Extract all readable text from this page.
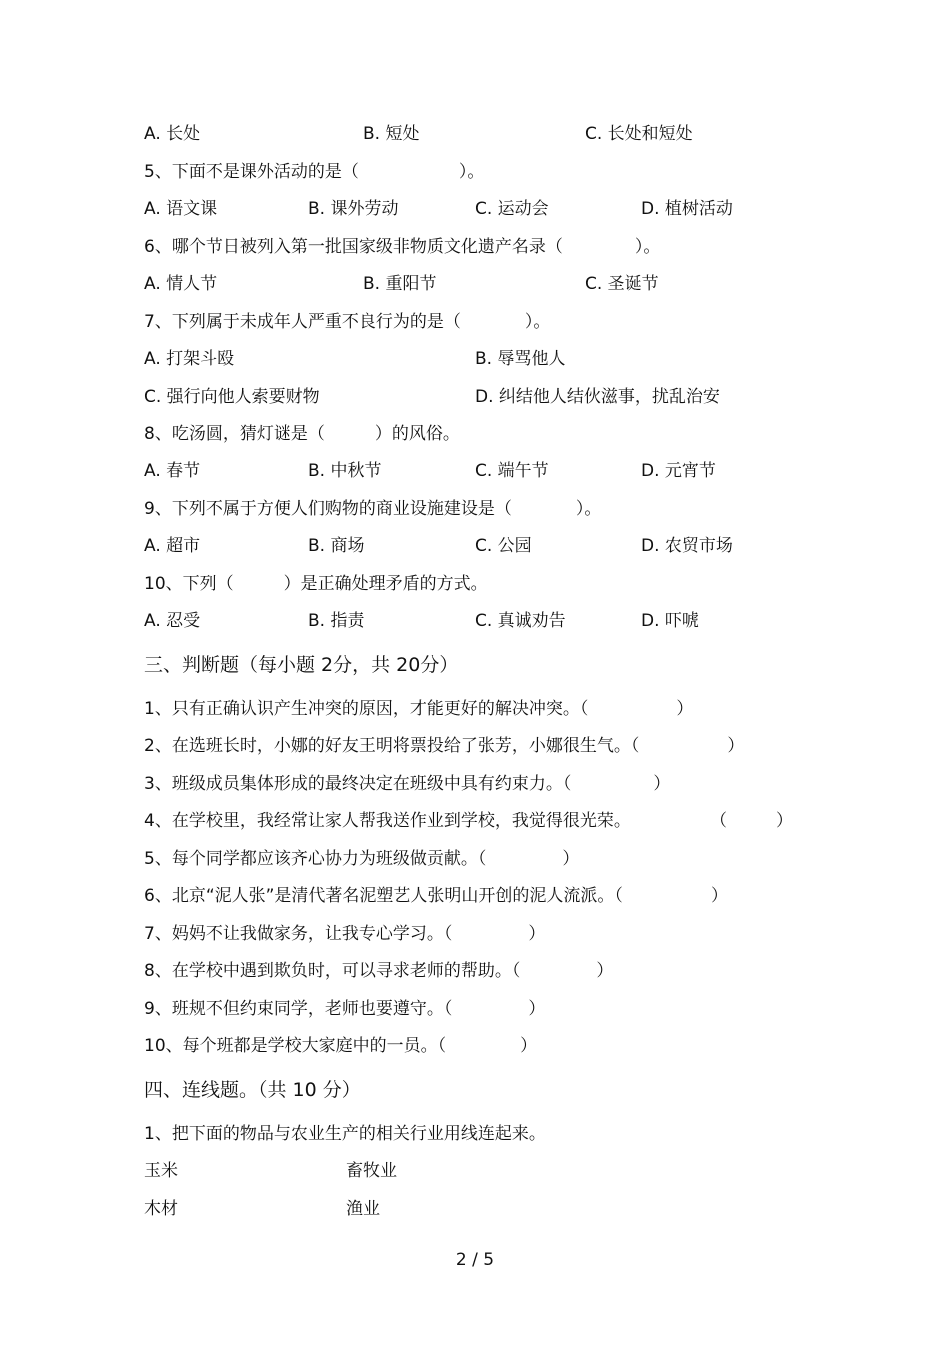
A. 长处	B. 短处	C. 长处和短处
5、下面不是课外活动的是（	）。
A. 语文课	B. 课外劳动	C. 运动会	D. 植树活动
6、哪个节日被列入第一批国家级非物质文化遗产名录（	）。
A. 情人节	B. 重阳节	C. 圣诞节
7、下列属于未成年人严重不良行为的是（	）。
A. 打架斗殴	B. 辱骂他人
C. 强行向他人索要财物	D. 纠结他人结伙滋事，扰乱治安
8、吃汤圆，猜灯谜是（	）的风俗。
A. 春节	B. 中秋节	C. 端午节	D. 元宵节
9、下列不属于方便人们购物的商业设施建设是（	）。
A. 超市	B. 商场	C. 公园	D. 农贸市场
10、下列（	）是正确处理矛盾的方式。
A. 忍受	B. 指责	C. 真诚劝告	D. 吓唬
三、判断题（每小题 2分，共 20分）
1、只有正确认识产生冲突的原因，才能更好的解决冲突。（	）
2、在选班长时，小娜的好友王明将票投给了张芳，小娜很生气。（	）
3、班级成员集体形成的最终决定在班级中具有约束力。（	）
4、在学校里，我经常让家人帮我送作业到学校，我觉得很光荣。	（	）
5、每个同学都应该齐心协力为班级做贡献。（	）
6、北京“泥人张”是清代著名泥塑艺人张明山开创的泥人流派。（	）
7、妈妈不让我做家务，让我专心学习。（	）
8、在学校中遇到欺负时，可以寻求老师的帮助。（	）
9、班规不但约束同学，老师也要遵守。（	）
10、每个班都是学校大家庭中的一员。（	）
四、连线题。（共 10 分）
1、把下面的物品与农业生产的相关行业用线连起来。
玉米	畜牧业
木材	渔业
2 / 5
